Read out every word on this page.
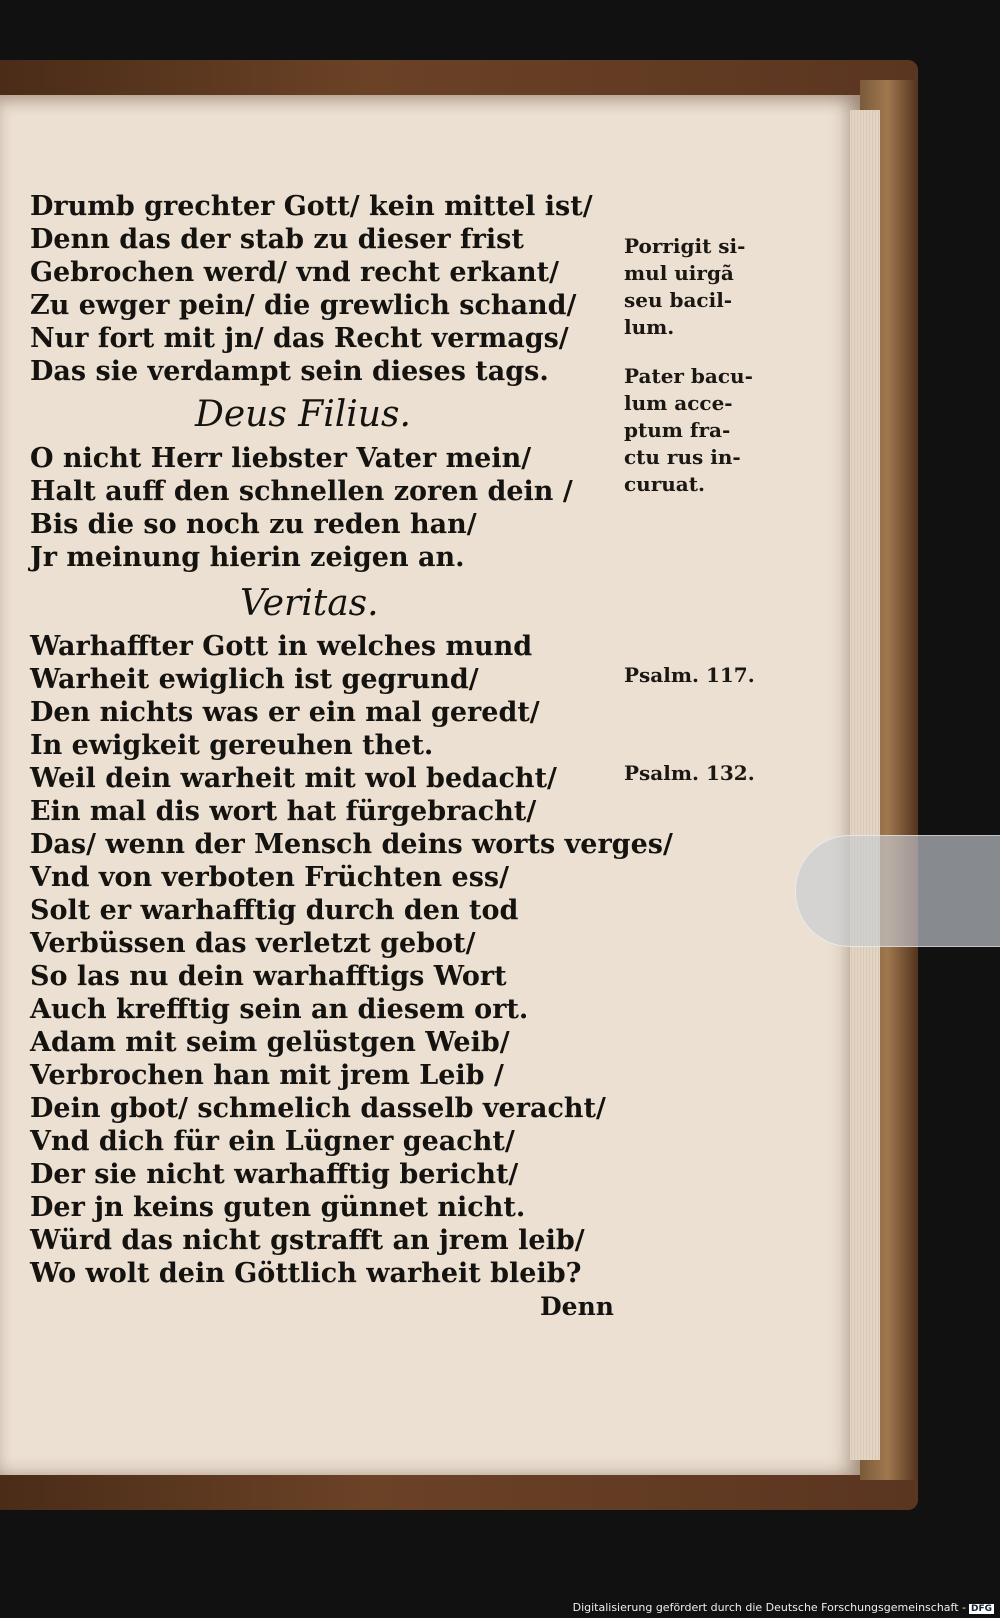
Drumb grechter Gott/ kein mittel ist/
Denn das der stab zu dieser frist
Gebrochen werd/ vnd recht erkant/
Zu ewger pein/ die grewlich schand/
Nur fort mit jn/ das Recht vermags/
Das sie verdampt sein dieses tags.
Deus Filius.
O nicht Herr liebster Vater mein/
Halt auff den schnellen zoren dein /
Bis die so noch zu reden han/
Jr meinung hierin zeigen an.
Veritas.
Warhaffter Gott in welches mund
Warheit ewiglich ist gegrund/
Den nichts was er ein mal geredt/
In ewigkeit gereuhen thet.
Weil dein warheit mit wol bedacht/
Ein mal dis wort hat fürgebracht/
Das/ wenn der Mensch deins worts verges/
Vnd von verboten Früchten ess/
Solt er warhafftig durch den tod
Verbüssen das verletzt gebot/
So las nu dein warhafftigs Wort
Auch krefftig sein an diesem ort.
Adam mit seim gelüstgen Weib/
Verbrochen han mit jrem Leib /
Dein gbot/ schmelich dasselb veracht/
Vnd dich für ein Lügner geacht/
Der sie nicht warhafftig bericht/
Der jn keins guten günnet nicht.
Würd das nicht gstrafft an jrem leib/
Wo wolt dein Göttlich warheit bleib?
Denn
Porrigit si-
mul uirgã
seu bacil-
lum.
Pater bacu-
lum acce-
ptum fra-
ctu rus in-
curuat.
Psalm. 117.
Psalm. 132.
Digitalisierung gefördert durch die Deutsche Forschungsgemeinschaft - DFG
